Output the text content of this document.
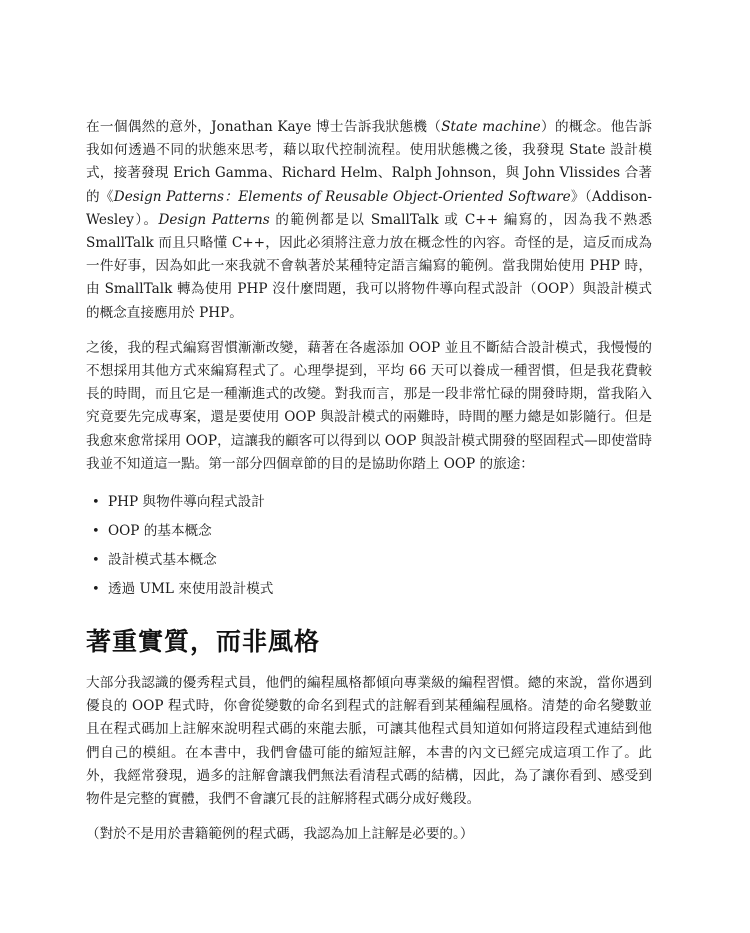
在一個偶然的意外，Jonathan Kaye 博士告訴我狀態機（State machine）的概念。他告訴我如何透過不同的狀態來思考，藉以取代控制流程。使用狀態機之後，我發現 State 設計模式，接著發現 Erich Gamma、Richard Helm、Ralph Johnson，與 John Vlissides 合著的《Design Patterns：Elements of Reusable Object-Oriented Software》（Addison-Wesley）。Design Patterns 的範例都是以 SmallTalk 或 C++ 編寫的，因為我不熟悉 SmallTalk 而且只略懂 C++，因此必須將注意力放在概念性的內容。奇怪的是，這反而成為一件好事，因為如此一來我就不會執著於某種特定語言編寫的範例。當我開始使用 PHP 時，由 SmallTalk 轉為使用 PHP 沒什麼問題，我可以將物件導向程式設計（OOP）與設計模式的概念直接應用於 PHP。

之後，我的程式編寫習慣漸漸改變，藉著在各處添加 OOP 並且不斷結合設計模式，我慢慢的不想採用其他方式來編寫程式了。心理學提到，平均 66 天可以養成一種習慣，但是我花費較長的時間，而且它是一種漸進式的改變。對我而言，那是一段非常忙碌的開發時期，當我陷入究竟要先完成專案，還是要使用 OOP 與設計模式的兩難時，時間的壓力總是如影隨行。但是我愈來愈常採用 OOP，這讓我的顧客可以得到以 OOP 與設計模式開發的堅固程式—即使當時我並不知道這一點。第一部分四個章節的目的是協助你踏上 OOP 的旅途：

• PHP 與物件導向程式設計
• OOP 的基本概念
• 設計模式基本概念
• 透過 UML 來使用設計模式
著重實質，而非風格

大部分我認識的優秀程式員，他們的編程風格都傾向專業級的編程習慣。總的來說，當你遇到優良的 OOP 程式時，你會從變數的命名到程式的註解看到某種編程風格。清楚的命名變數並且在程式碼加上註解來說明程式碼的來龍去脈，可讓其他程式員知道如何將這段程式連結到他們自己的模組。在本書中，我們會儘可能的縮短註解，本書的內文已經完成這項工作了。此外，我經常發現，過多的註解會讓我們無法看清程式碼的結構，因此，為了讓你看到、感受到物件是完整的實體，我們不會讓冗長的註解將程式碼分成好幾段。

（對於不是用於書籍範例的程式碼，我認為加上註解是必要的。）
